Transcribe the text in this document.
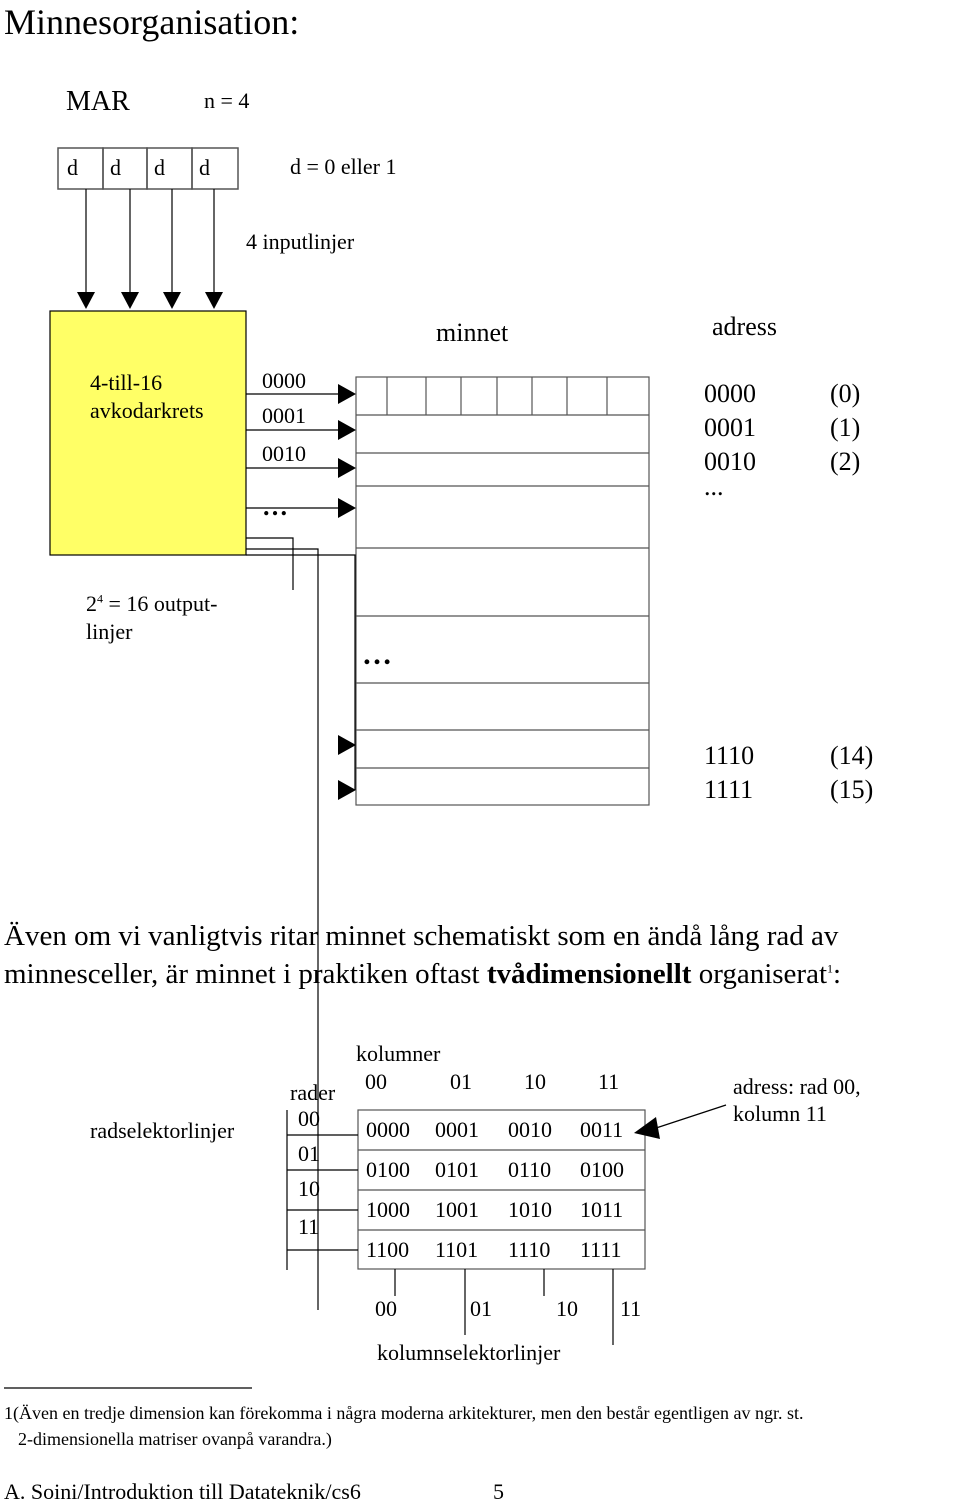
Minnesorganisation:
MAR	n = 4
d d d d	d = 0 eller 1
4 inputlinjer
4-till-16
avkodarkrets
0000
0001
0010
…
$2^4 = 16$ output-
linjer
minnet	adress
…
0000	(0)
0001	(1)
0010	(2)
...
1110	(14)
1111	(15)
Även om vi vanligtvis ritar minnet schematiskt som en ändå lång rad av
minnesceller, är minnet i praktiken oftast tvådimensionellt organiserat$^1$:
radselektorlinjer
rader
00
01
10
11
kolumner
00	01 10 11
0000 0001 0010 0011
0100 0101 0110 0100
1000 1001 1010 1011
1100 1101 1110 1111
00	01	10 11
kolumnselektorlinjer
adress: rad 00,
kolumn 11
1(Även en tredje dimension kan förekomma i några moderna arkitekturer, men den består egentligen av ngr. st.
2-dimensionella matriser ovanpå varandra.)
A. Soini/Introduktion till Datateknik/cs6	5
